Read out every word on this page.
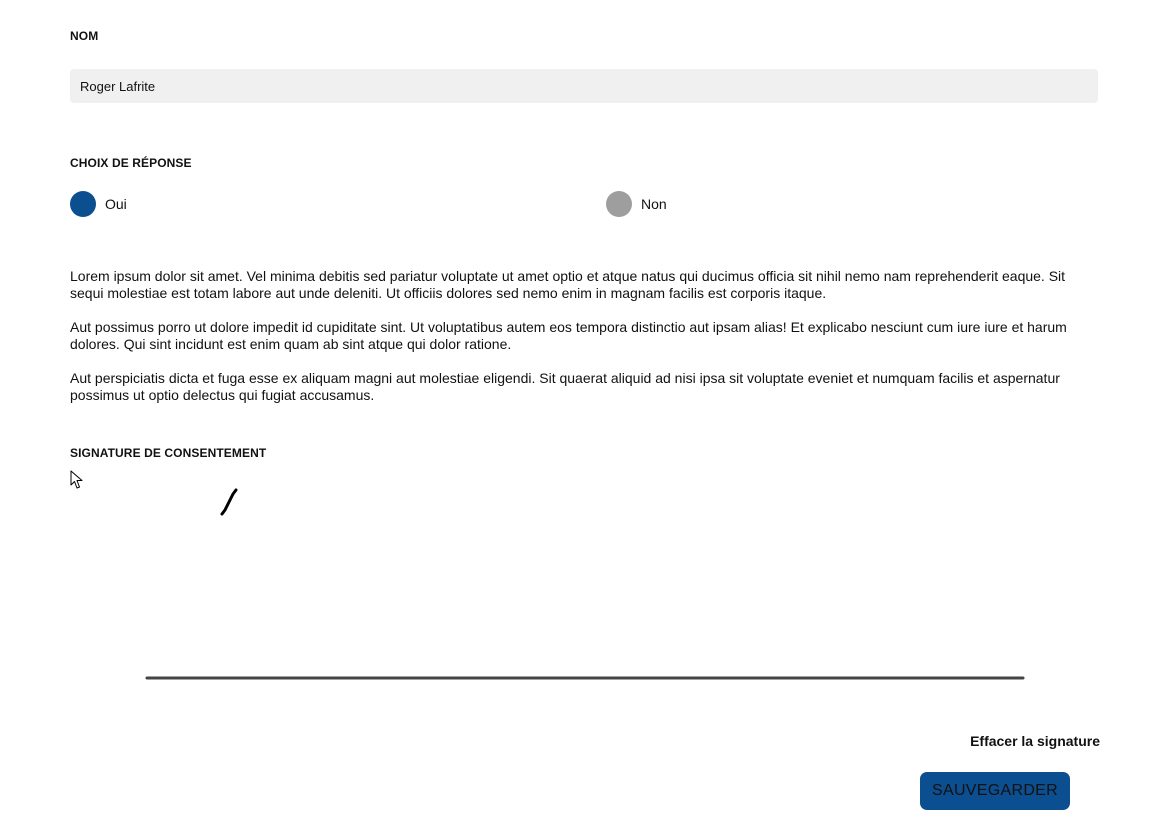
NOM

Roger Lafrite

CHOIX DE RÉPONSE

Oui	Non

Lorem ipsum dolor sit amet. Vel minima debitis sed pariatur voluptate ut amet optio et atque natus qui ducimus officia sit nihil nemo nam reprehenderit eaque. Sit sequi molestiae est totam labore aut unde deleniti. Ut officiis dolores sed nemo enim in magnam facilis est corporis itaque.

Aut possimus porro ut dolore impedit id cupiditate sint. Ut voluptatibus autem eos tempora distinctio aut ipsam alias! Et explicabo nesciunt cum iure iure et harum dolores. Qui sint incidunt est enim quam ab sint atque qui dolor ratione.

Aut perspiciatis dicta et fuga esse ex aliquam magni aut molestiae eligendi. Sit quaerat aliquid ad nisi ipsa sit voluptate eveniet et numquam facilis et aspernatur possimus ut optio delectus qui fugiat accusamus.

SIGNATURE DE CONSENTEMENT

Effacer la signature
SAUVEGARDER
